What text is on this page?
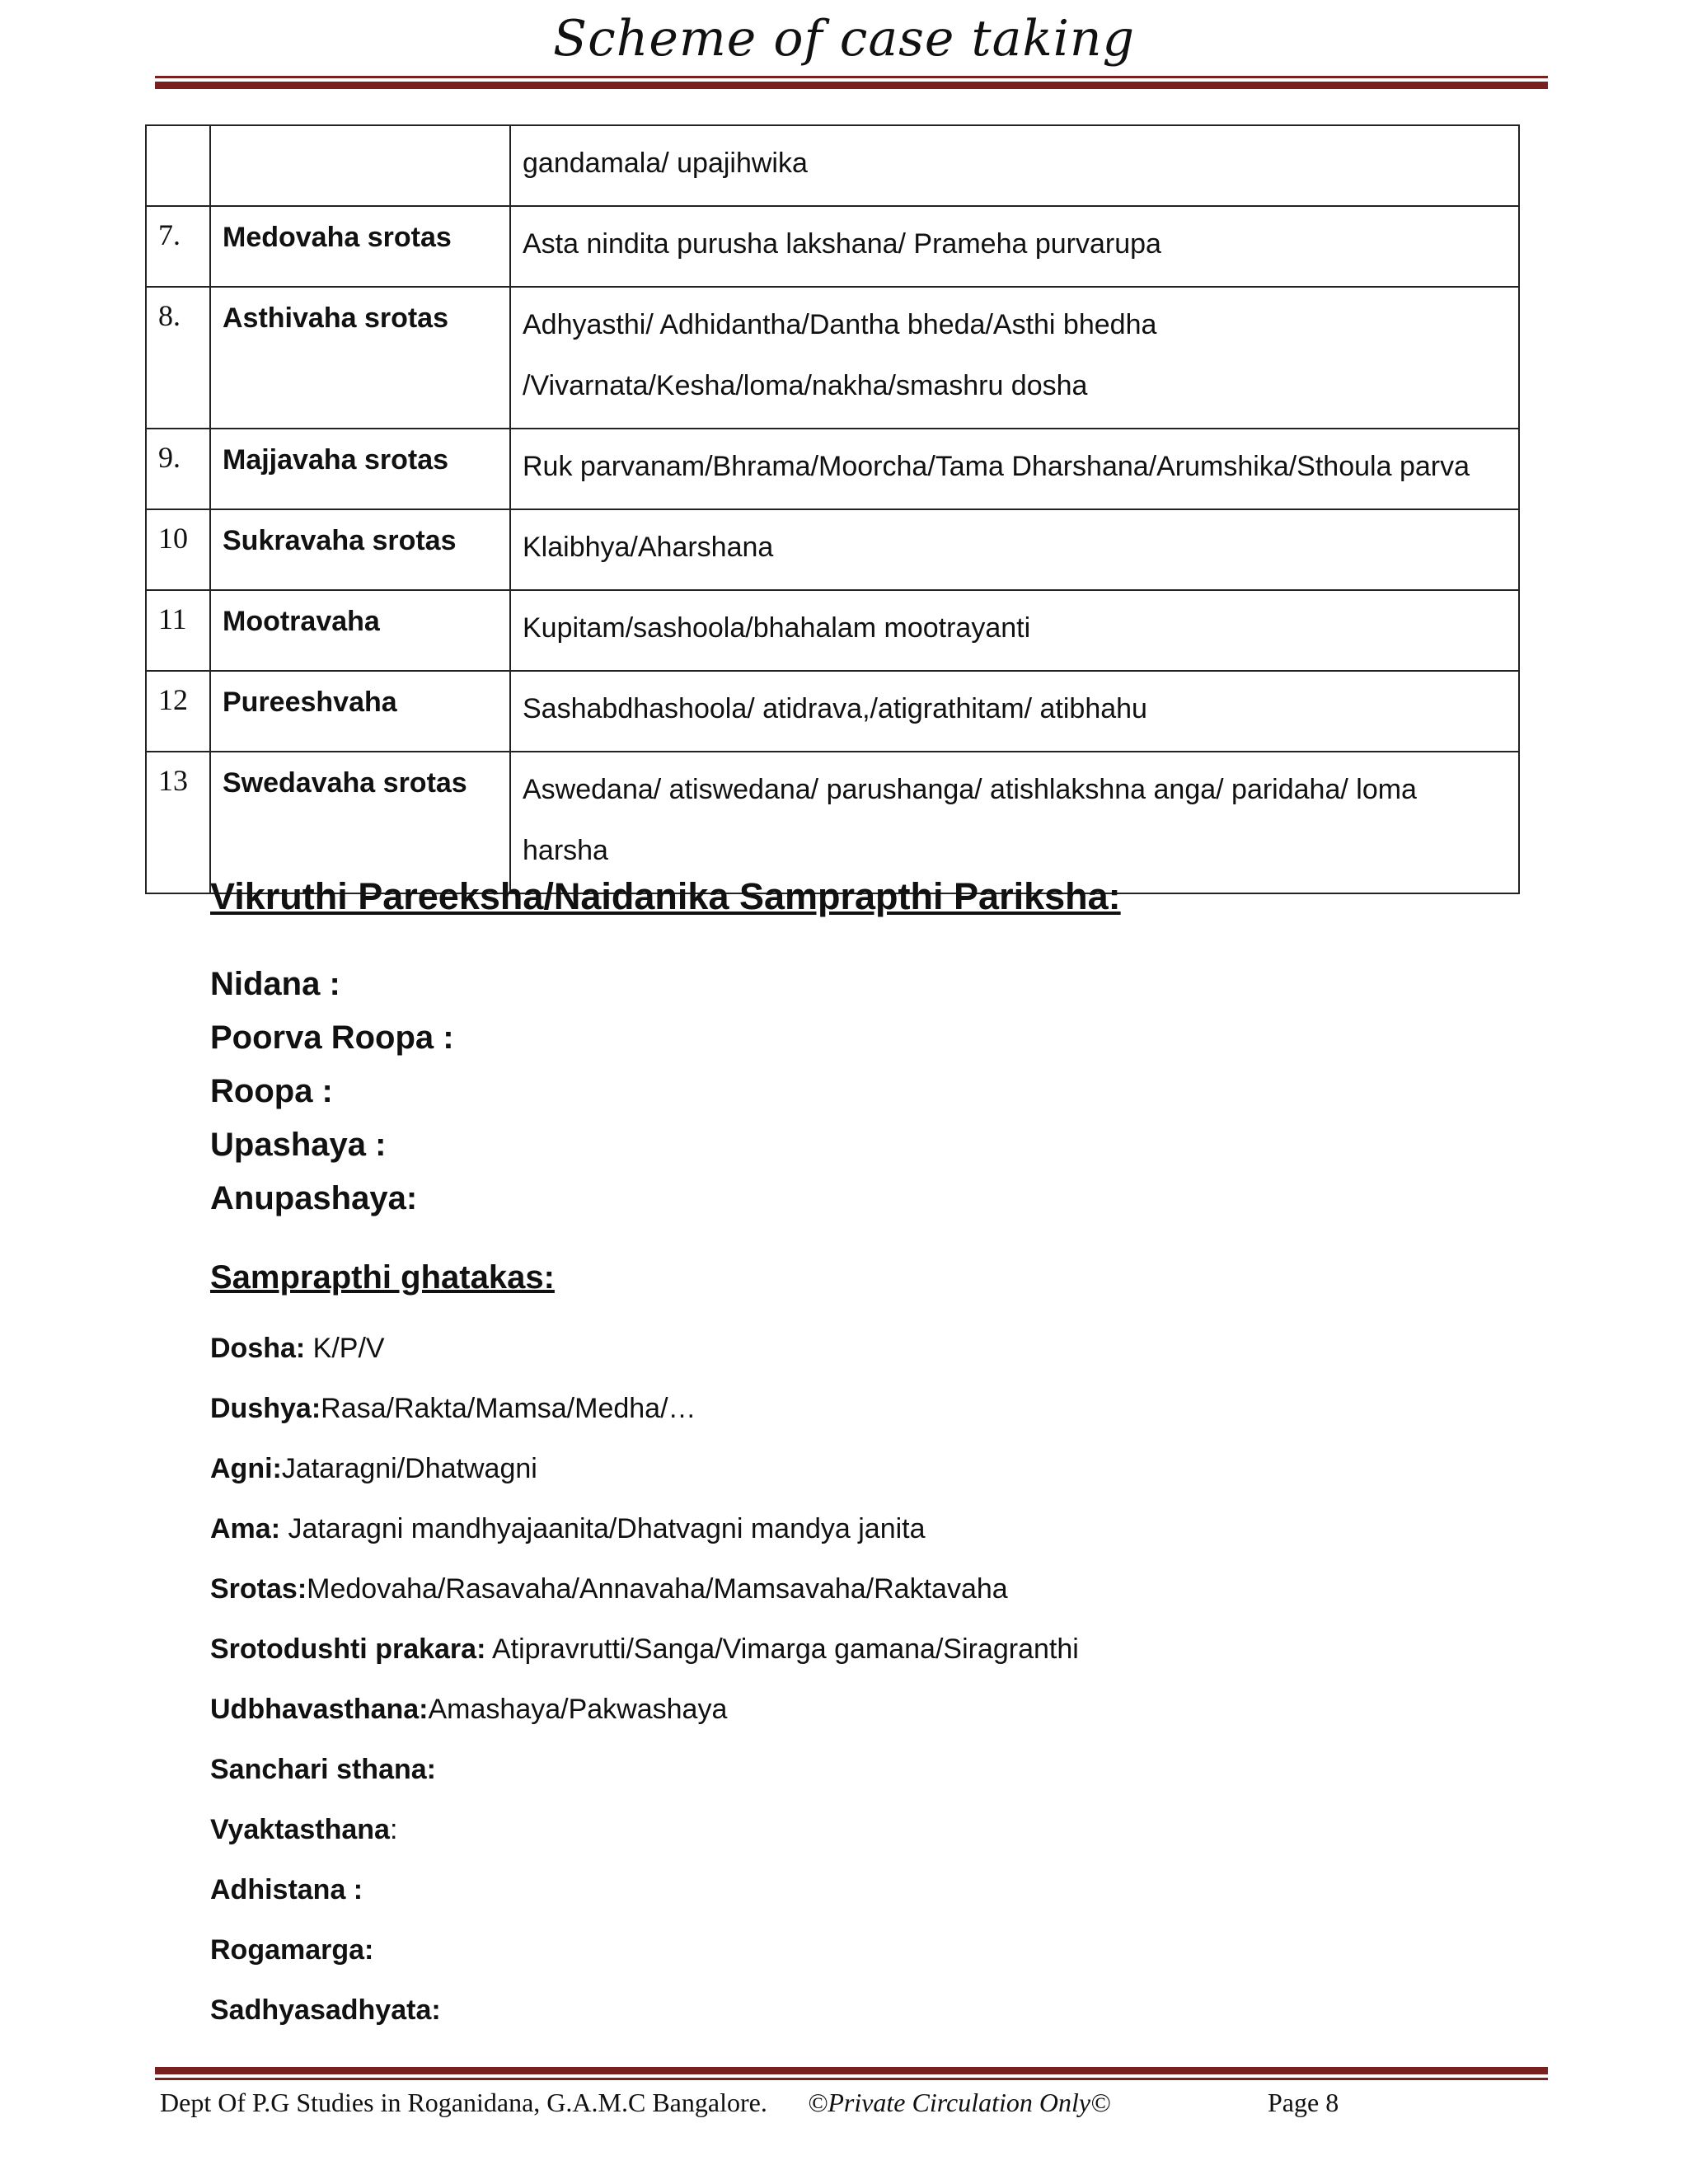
Scheme of case taking
		gandamala/ upajihwika
7.	Medovaha srotas	Asta nindita purusha lakshana/ Prameha purvarupa
8.	Asthivaha srotas	Adhyasthi/ Adhidantha/Dantha bheda/Asthi bhedha /Vivarnata/Kesha/loma/nakha/smashru dosha
9.	Majjavaha srotas	Ruk parvanam/Bhrama/Moorcha/Tama Dharshana/Arumshika/Sthoula parva
10	Sukravaha srotas	Klaibhya/Aharshana
11	Mootravaha	Kupitam/sashoola/bhahalam mootrayanti
12	Pureeshvaha	Sashabdhashoola/ atidrava,/atigrathitam/ atibhahu
13	Swedavaha srotas	Aswedana/ atiswedana/ parushanga/ atishlakshna anga/ paridaha/ loma harsha
Vikruthi Pareeksha/Naidanika Samprapthi Pariksha:
Nidana :
Poorva Roopa :
Roopa :
Upashaya :
Anupashaya:
Samprapthi ghatakas:
Dosha: K/P/V
Dushya:Rasa/Rakta/Mamsa/Medha/…
Agni:Jataragni/Dhatwagni
Ama: Jataragni mandhyajaanita/Dhatvagni mandya janita
Srotas:Medovaha/Rasavaha/Annavaha/Mamsavaha/Raktavaha
Srotodushti prakara: Atipravrutti/Sanga/Vimarga gamana/Siragranthi
Udbhavasthana:Amashaya/Pakwashaya
Sanchari sthana:
Vyaktasthana:
Adhistana :
Rogamarga:
Sadhyasadhyata:
Dept Of P.G Studies in Roganidana, G.A.M.C Bangalore. ©Private Circulation Only©	Page 8
